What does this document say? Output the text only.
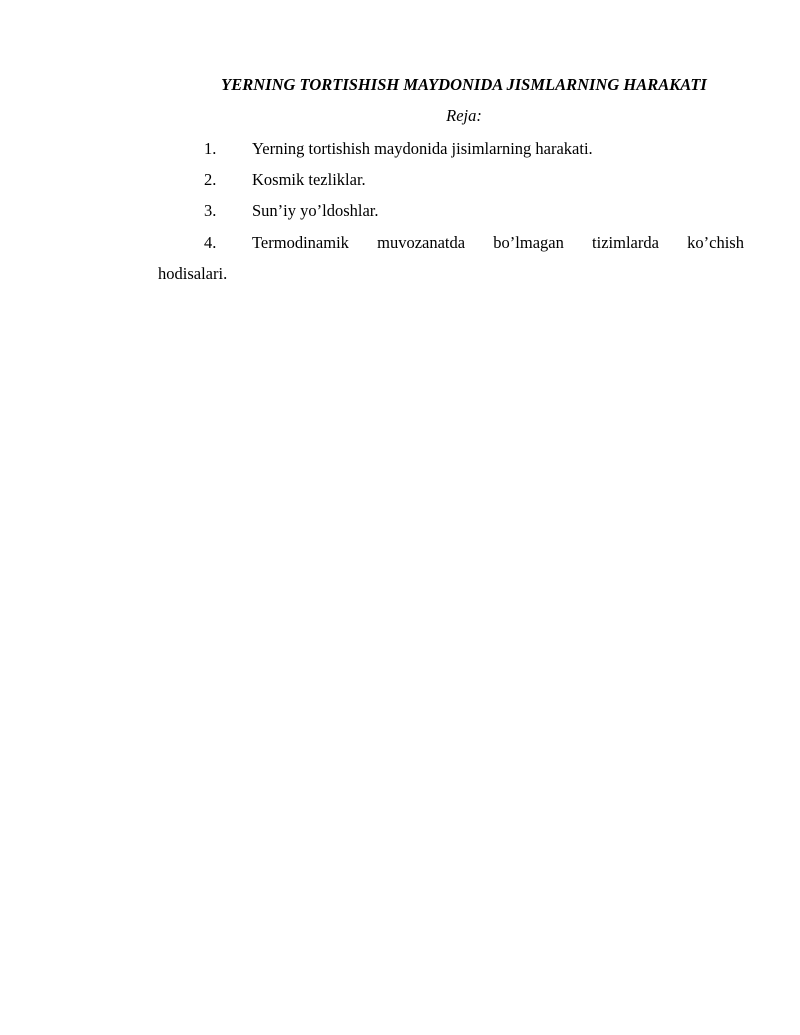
YERNING TORTISHISH MAYDONIDA JISMLARNING HARAKATI
Reja:
1.	Yerning tortishish maydonida jisimlarning harakati.
2.	Kosmik tezliklar.
3.	Sun’iy yo’ldoshlar.
4. Termodinamik muvozanatda bo’lmagan tizimlarda ko’chish
hodisalari.
